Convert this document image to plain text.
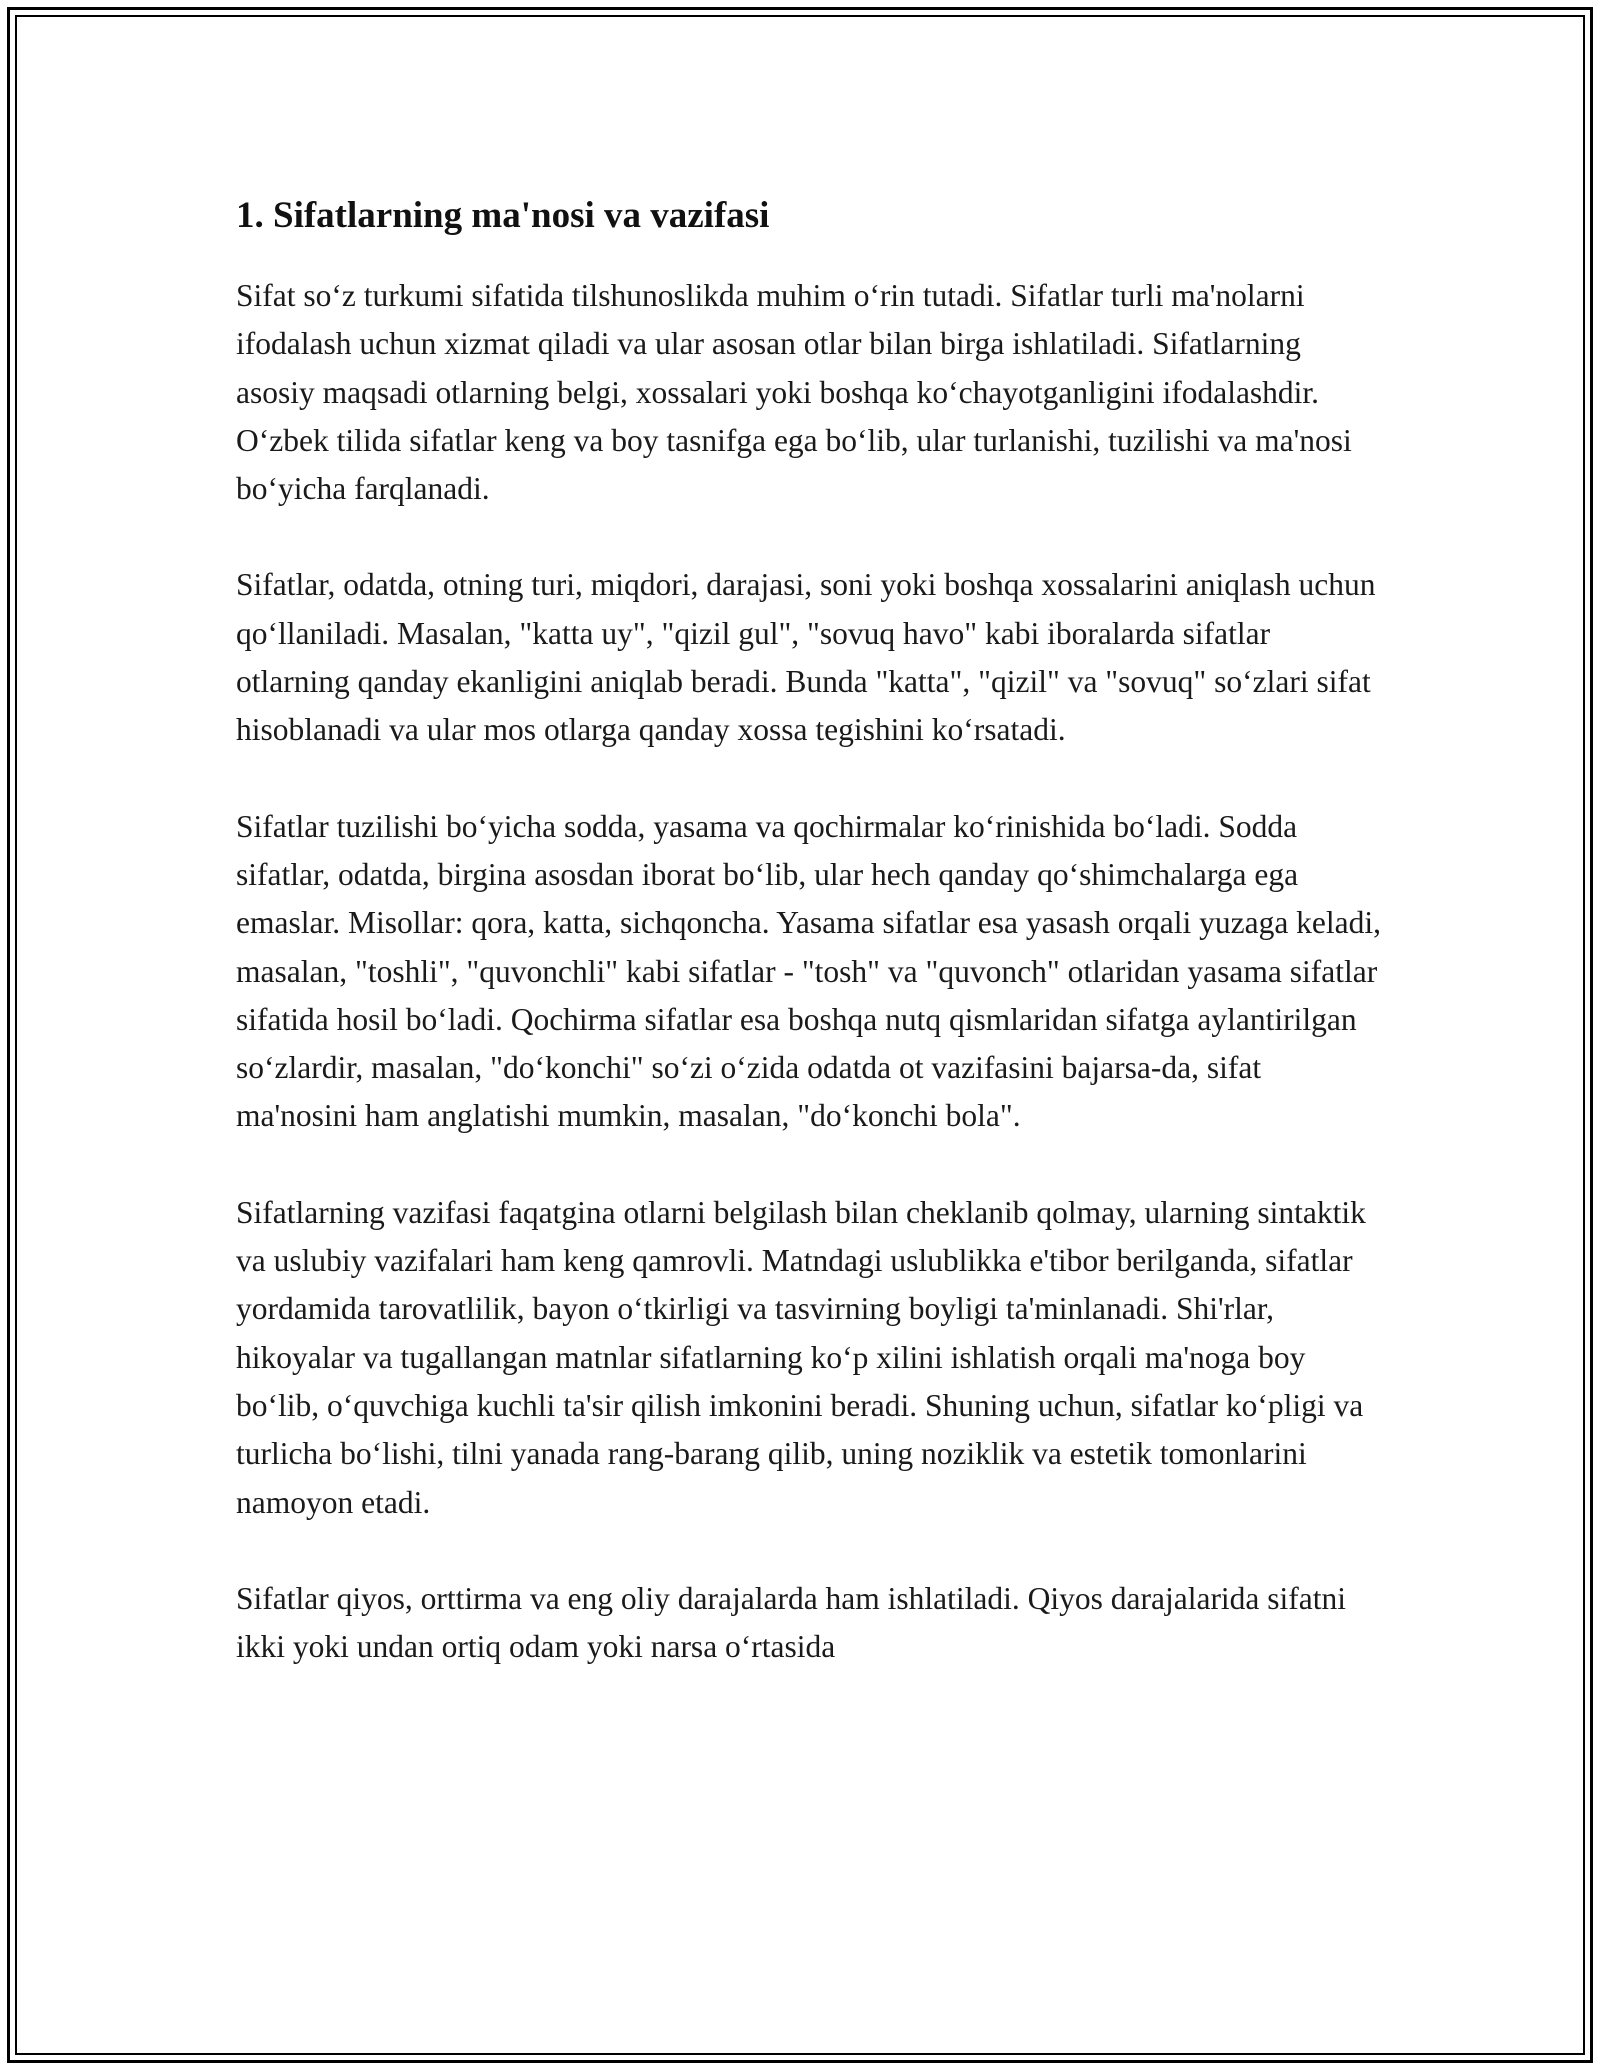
1. Sifatlarning ma'nosi va vazifasi

Sifat so‘z turkumi sifatida tilshunoslikda muhim o‘rin tutadi. Sifatlar turli ma'nolarni ifodalash uchun xizmat qiladi va ular asosan otlar bilan birga ishlatiladi. Sifatlarning asosiy maqsadi otlarning belgi, xossalari yoki boshqa ko‘chayotganligini ifodalashdir. O‘zbek tilida sifatlar keng va boy tasnifga ega bo‘lib, ular turlanishi, tuzilishi va ma'nosi bo‘yicha farqlanadi.

Sifatlar, odatda, otning turi, miqdori, darajasi, soni yoki boshqa xossalarini aniqlash uchun qo‘llaniladi. Masalan, "katta uy", "qizil gul", "sovuq havo" kabi iboralarda sifatlar otlarning qanday ekanligini aniqlab beradi. Bunda "katta", "qizil" va "sovuq" so‘zlari sifat hisoblanadi va ular mos otlarga qanday xossa tegishini ko‘rsatadi.

Sifatlar tuzilishi bo‘yicha sodda, yasama va qochirmalar ko‘rinishida bo‘ladi. Sodda sifatlar, odatda, birgina asosdan iborat bo‘lib, ular hech qanday qo‘shimchalarga ega emaslar. Misollar: qora, katta, sichqoncha. Yasama sifatlar esa yasash orqali yuzaga keladi, masalan, "toshli", "quvonchli" kabi sifatlar - "tosh" va "quvonch" otlaridan yasama sifatlar sifatida hosil bo‘ladi. Qochirma sifatlar esa boshqa nutq qismlaridan sifatga aylantirilgan so‘zlardir, masalan, "do‘konchi" so‘zi o‘zida odatda ot vazifasini bajarsa-da, sifat ma'nosini ham anglatishi mumkin, masalan, "do‘konchi bola".

Sifatlarning vazifasi faqatgina otlarni belgilash bilan cheklanib qolmay, ularning sintaktik va uslubiy vazifalari ham keng qamrovli. Matndagi uslublikka e'tibor berilganda, sifatlar yordamida tarovatlilik, bayon o‘tkirligi va tasvirning boyligi ta'minlanadi. Shi'rlar, hikoyalar va tugallangan matnlar sifatlarning ko‘p xilini ishlatish orqali ma'noga boy bo‘lib, o‘quvchiga kuchli ta'sir qilish imkonini beradi. Shuning uchun, sifatlar ko‘pligi va turlicha bo‘lishi, tilni yanada rang-barang qilib, uning noziklik va estetik tomonlarini namoyon etadi.

Sifatlar qiyos, orttirma va eng oliy darajalarda ham ishlatiladi. Qiyos darajalarida sifatni ikki yoki undan ortiq odam yoki narsa o‘rtasida
